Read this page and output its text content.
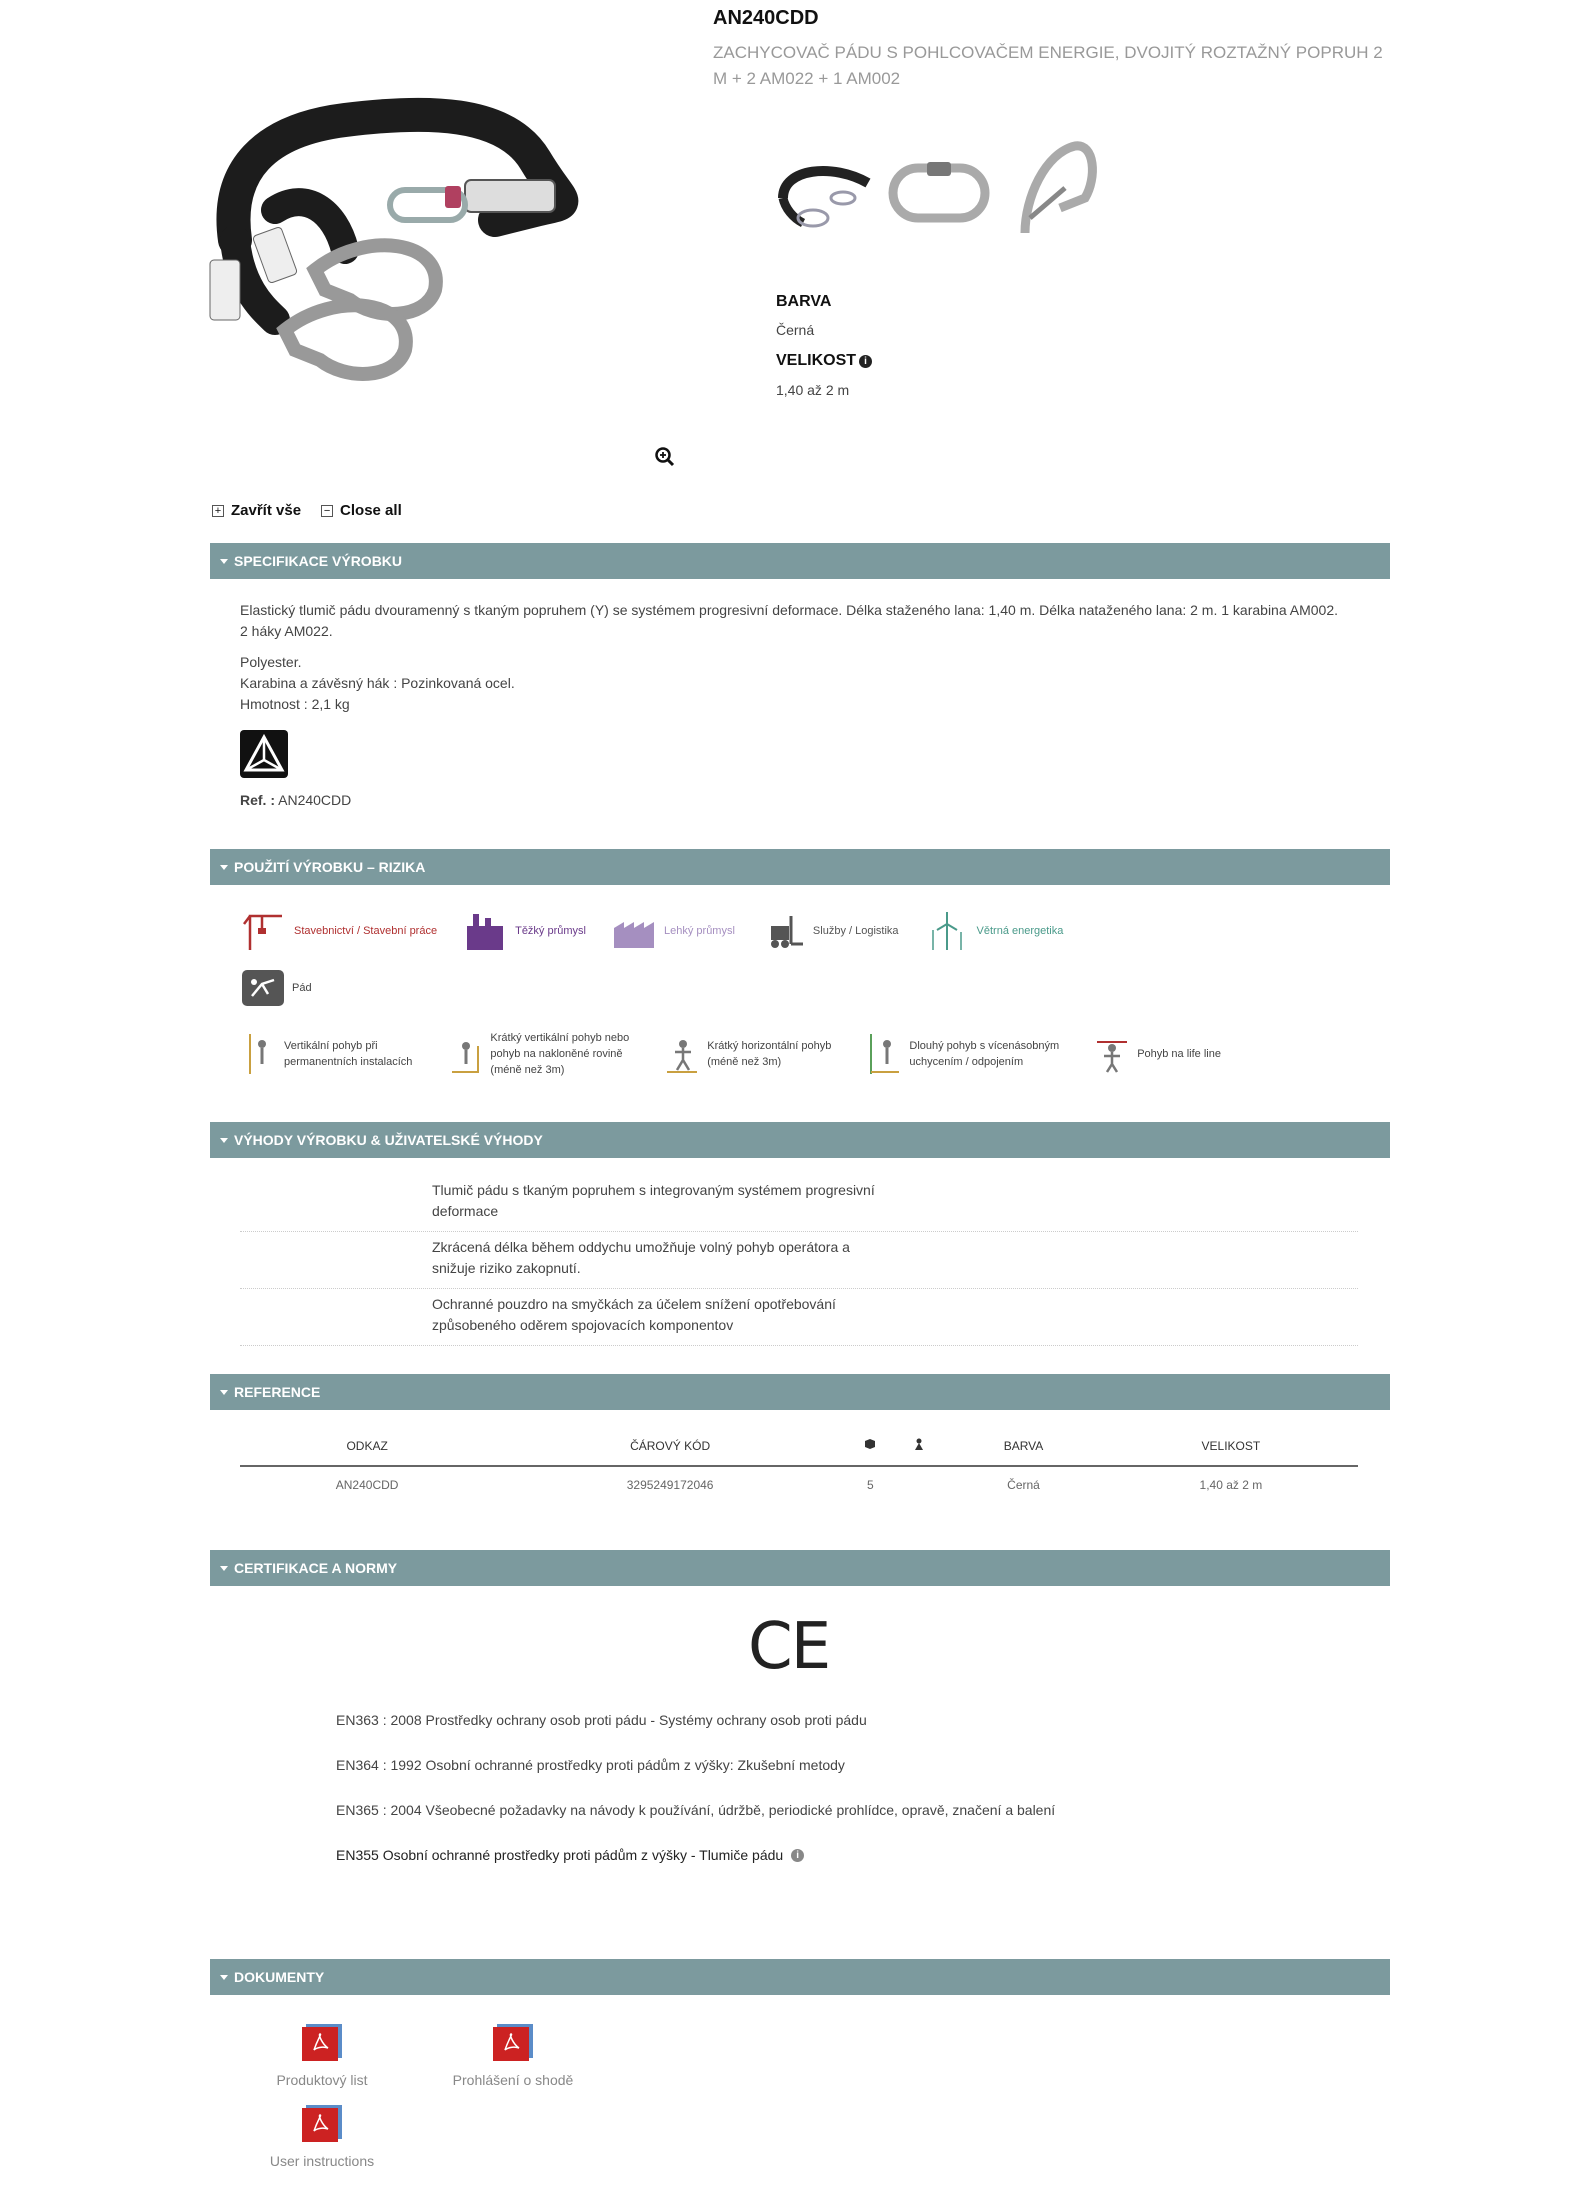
AN240CDD
ZACHYCOVAČ PÁDU S POHLCOVAČEM ENERGIE, DVOJITÝ ROZTAŽNÝ POPRUH 2 M + 2 AM022 + 1 AM002
BARVA
Černá
VELIKOST i
1,40 až 2 m
+ Zavřít vše − Close all
SPECIFIKACE VÝROBKU
Elastický tlumič pádu dvouramenný s tkaným popruhem (Y) se systémem progresivní deformace. Délka staženého lana: 1,40 m. Délka nataženého lana: 2 m. 1 karabina AM002.
2 háky AM022.
Polyester.
Karabina a závěsný hák : Pozinkovaná ocel.
Hmotnost : 2,1 kg
Ref. : AN240CDD
POUŽITÍ VÝROBKU – RIZIKA
Stavebnictví / Stavební práce	Těžký průmysl	Lehký průmysl	Služby / Logistika	Větrná energetika
Pád
Vertikální pohyb při
permanentních instalacích
Krátký vertikální pohyb nebo
pohyb na nakloněné rovině
(méně než 3m)
Krátký horizontální pohyb
(méně než 3m)
Dlouhý pohyb s vícenásobným
uchycením / odpojením
Pohyb na life line
VÝHODY VÝROBKU & UŽIVATELSKÉ VÝHODY
Tlumič pádu s tkaným popruhem s integrovaným systémem progresivní
deformace
Zkrácená délka během oddychu umožňuje volný pohyb operátora a
snižuje riziko zakopnutí.
Ochranné pouzdro na smyčkách za účelem snížení opotřebování
způsobeného oděrem spojovacích komponentov
REFERENCE
ODKAZ	ČÁROVÝ KÓD			BARVA	VELIKOST
AN240CDD	3295249172046	5		Černá	1,40 až 2 m
CERTIFIKACE A NORMY
CE
EN363 : 2008 Prostředky ochrany osob proti pádu - Systémy ochrany osob proti pádu
EN364 : 1992 Osobní ochranné prostředky proti pádům z výšky: Zkušební metody
EN365 : 2004 Všeobecné požadavky na návody k používání, údržbě, periodické prohlídce, opravě, značení a balení
EN355 Osobní ochranné prostředky proti pádům z výšky - Tlumiče pádu	i
DOKUMENTY
Produktový list	Prohlášení o shodě
User instructions
